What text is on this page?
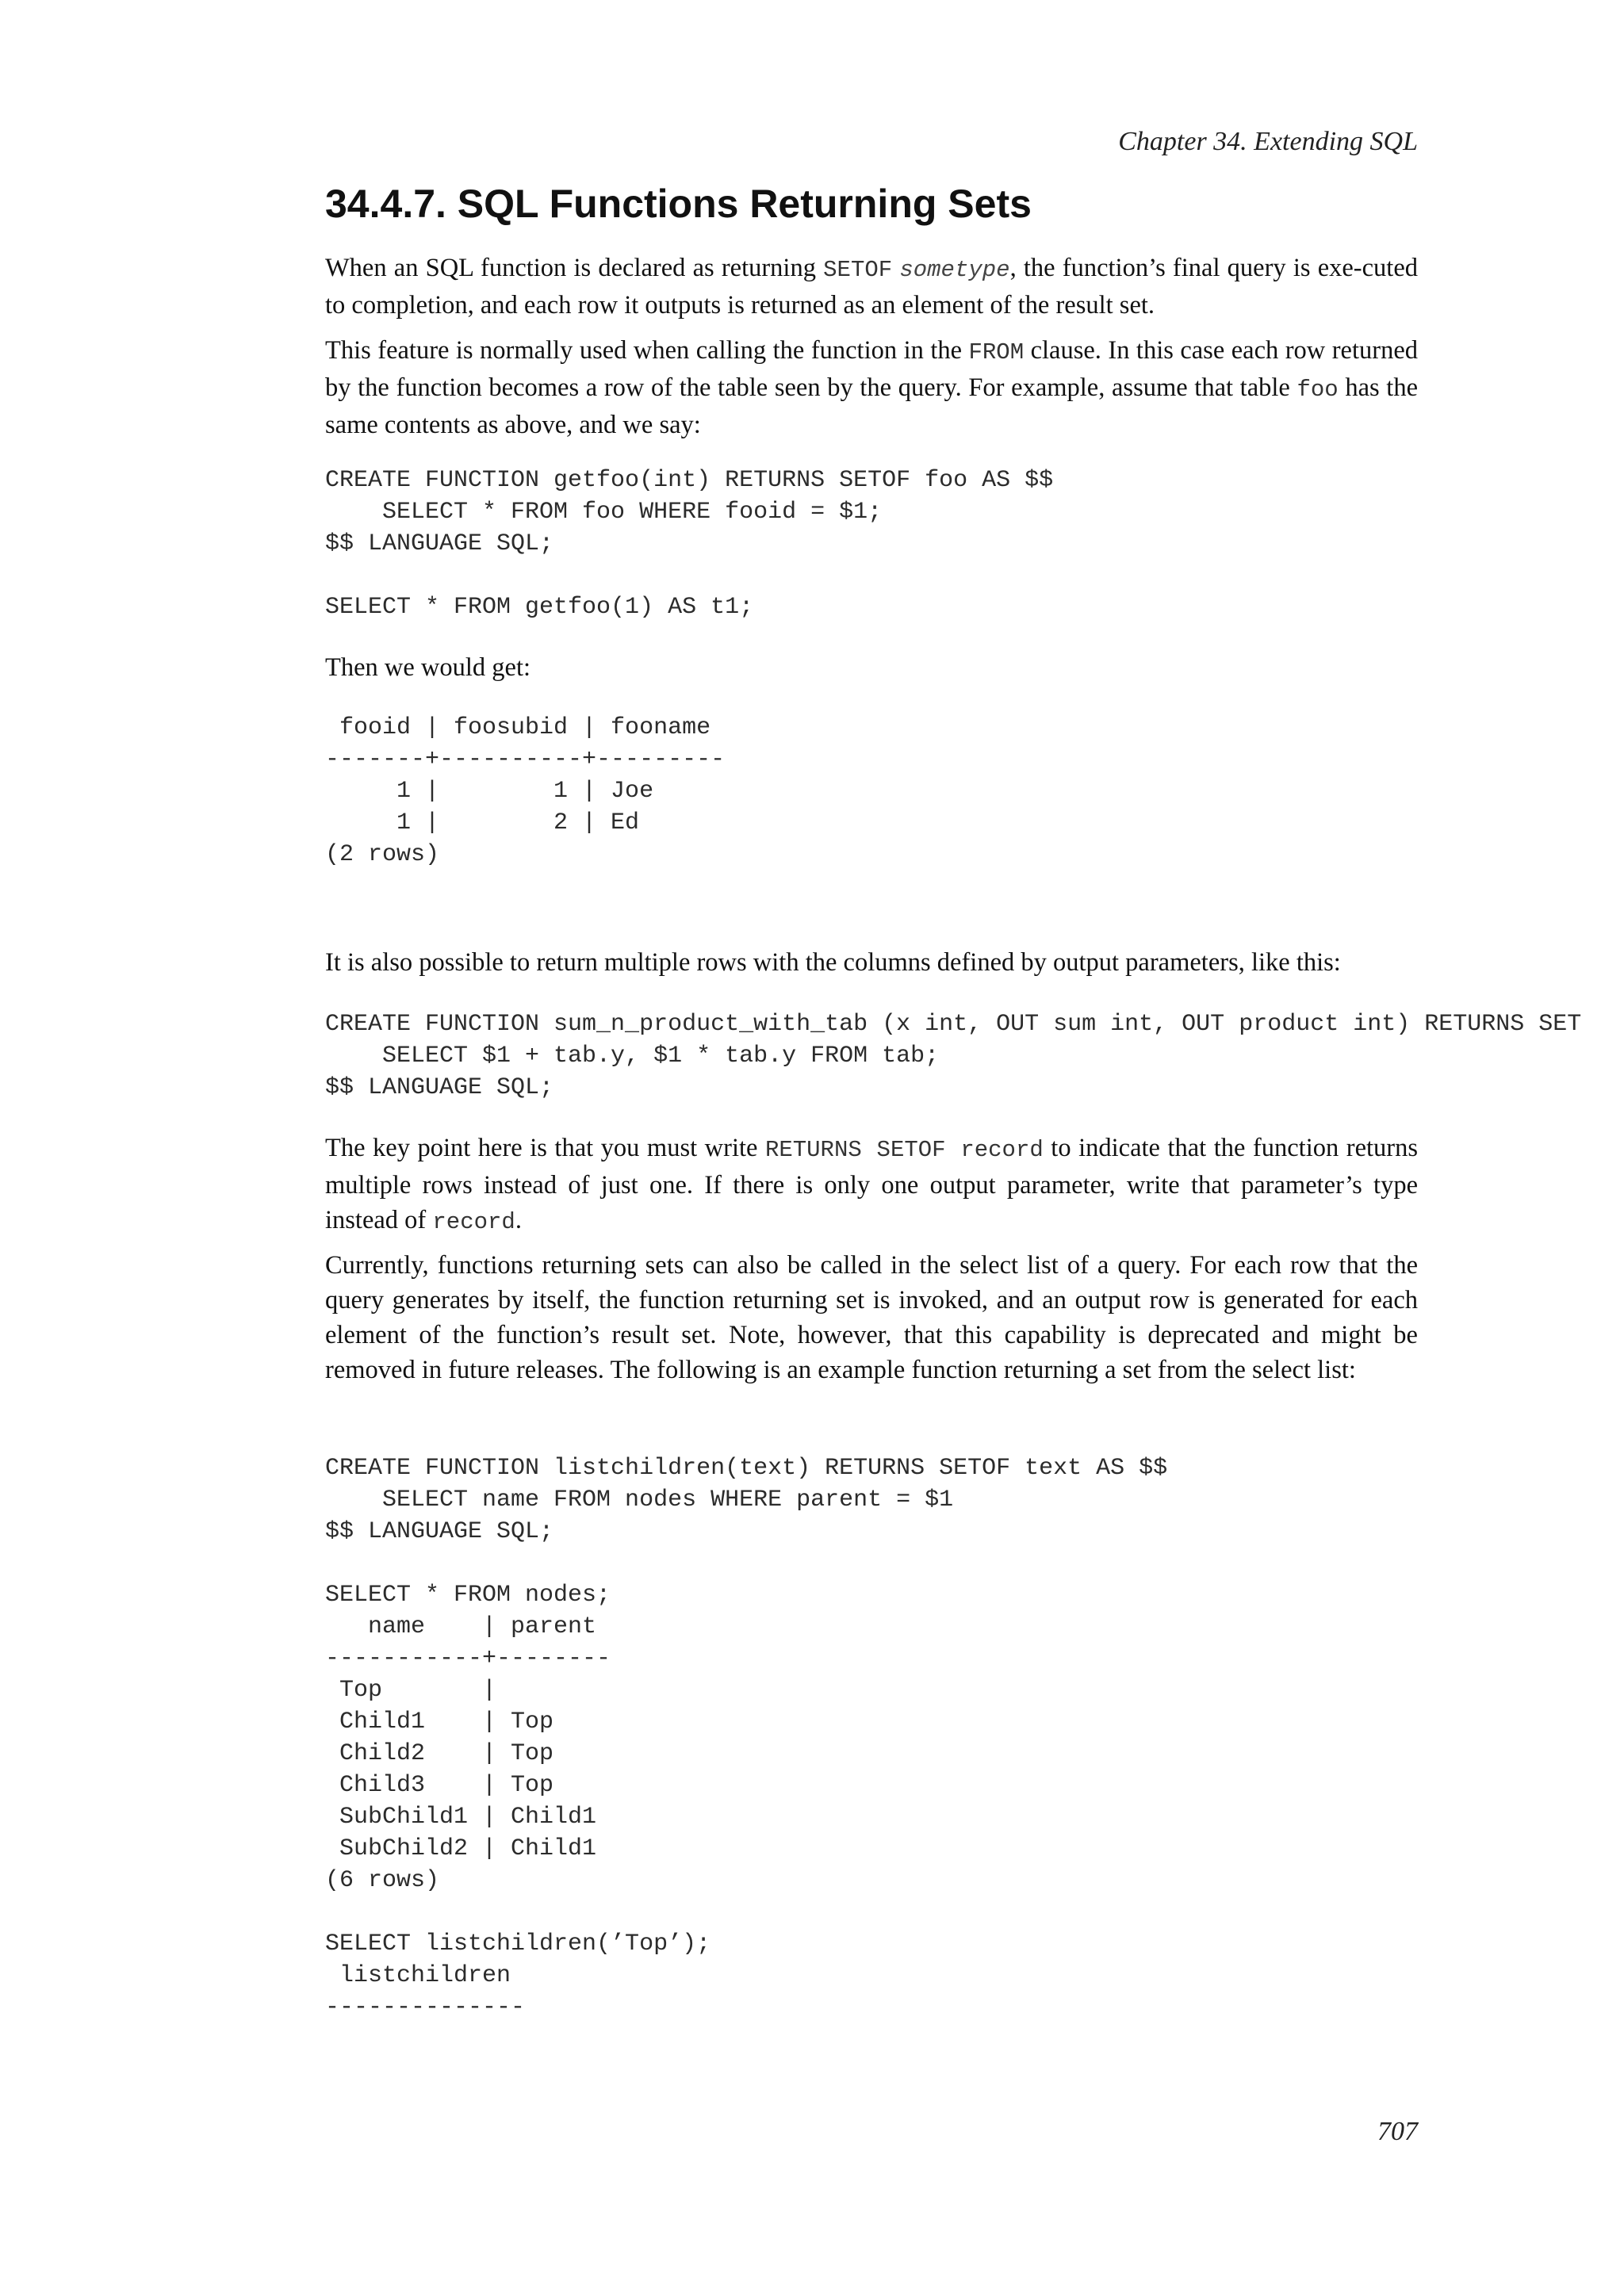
Chapter 34. Extending SQL
34.4.7. SQL Functions Returning Sets

When an SQL function is declared as returning SETOF sometype, the function’s final query is exe-cuted to completion, and each row it outputs is returned as an element of the result set.

This feature is normally used when calling the function in the FROM clause. In this case each row returned by the function becomes a row of the table seen by the query. For example, assume that table foo has the same contents as above, and we say:

CREATE FUNCTION getfoo(int) RETURNS SETOF foo AS $$
SELECT * FROM foo WHERE fooid = $1;
$$ LANGUAGE SQL;

SELECT * FROM getfoo(1) AS t1;

Then we would get:

fooid | foosubid | fooname
-------+----------+---------
1 |        1 | Joe
1 |        2 | Ed
(2 rows)

It is also possible to return multiple rows with the columns defined by output parameters, like this:

CREATE FUNCTION sum_n_product_with_tab (x int, OUT sum int, OUT product int) RETURNS SET
SELECT $1 + tab.y, $1 * tab.y FROM tab;
$$ LANGUAGE SQL;

The key point here is that you must write RETURNS SETOF record to indicate that the function returns multiple rows instead of just one. If there is only one output parameter, write that parameter’s type instead of record.

Currently, functions returning sets can also be called in the select list of a query. For each row that the query generates by itself, the function returning set is invoked, and an output row is generated for each element of the function’s result set. Note, however, that this capability is deprecated and might be removed in future releases. The following is an example function returning a set from the select list:

CREATE FUNCTION listchildren(text) RETURNS SETOF text AS $$
SELECT name FROM nodes WHERE parent = $1
$$ LANGUAGE SQL;

SELECT * FROM nodes;
name    | parent
-----------+--------
Top       |
Child1    | Top
Child2    | Top
Child3    | Top
SubChild1 | Child1
SubChild2 | Child1
(6 rows)

SELECT listchildren(’Top’);
listchildren
--------------
707
